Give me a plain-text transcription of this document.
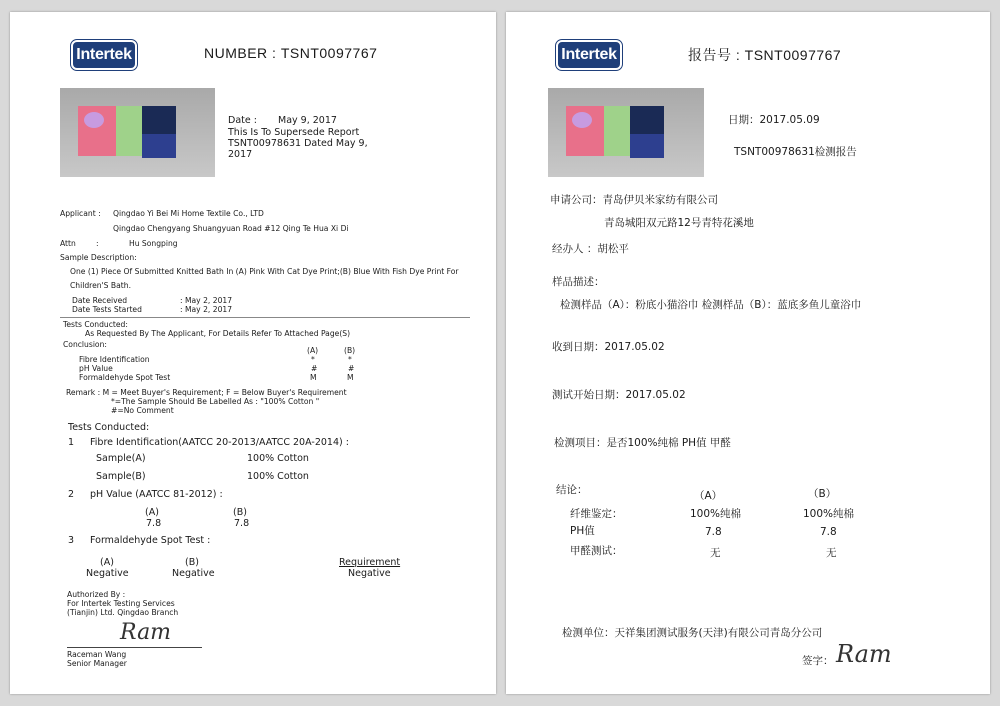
Intertek	NUMBER : TSNT0097767
Date : May 9, 2017
This Is To Supersede Report
TSNT00978631 Dated May 9,
2017
Applicant : Qingdao Yi Bei Mi Home Textile Co., LTD
Qingdao Chengyang Shuangyuan Road #12 Qing Te Hua Xi Di
Attn	:	Hu Songping
Sample Description:
One (1) Piece Of Submitted Knitted Bath In (A) Pink With Cat Dye Print;(B) Blue With Fish Dye Print For
Children'S Bath.
Date Received	: May 2, 2017
Date Tests Started	: May 2, 2017
Tests Conducted:
As Requested By The Applicant, For Details Refer To Attached Page(S)
Conclusion:
(A)	(B)
Fibre Identification	*	*
pH Value	#	#
Formaldehyde Spot Test	M	M
Remark : M = Meet Buyer's Requirement; F = Below Buyer's Requirement
*=The Sample Should Be Labelled As : "100% Cotton "
#=No Comment
Tests Conducted:
1 Fibre Identification(AATCC 20-2013/AATCC 20A-2014) :
Sample(A)	100% Cotton
Sample(B)	100% Cotton
2 pH Value (AATCC 81-2012) :
(A)	(B)
7.8	7.8
3 Formaldehyde Spot Test :
(A)	(B)	Requirement
Negative	Negative	Negative
Authorized By :
For Intertek Testing Services
(Tianjin) Ltd. Qingdao Branch
Ram
Raceman Wang
Senior Manager
Intertek	报告号 : TSNT0097767
日期：2017.05.09
TSNT00978631检测报告
申请公司：青岛伊贝米家纺有限公司
青岛城阳双元路12号青特花溪地
经办人 ：胡松平
样品描述：
检测样品（A）：粉底小猫浴巾 检测样品（B）：蓝底多鱼儿童浴巾
收到日期：2017.05.02
测试开始日期：2017.05.02
检测项目：是否100%纯棉 PH值 甲醛
结论：	（A）	（B）
纤维鉴定：	100%纯棉	100%纯棉
PH值	7.8	7.8
甲醛测试：	无	无
检测单位：天祥集团测试服务(天津)有限公司青岛分公司
签字： Ram
